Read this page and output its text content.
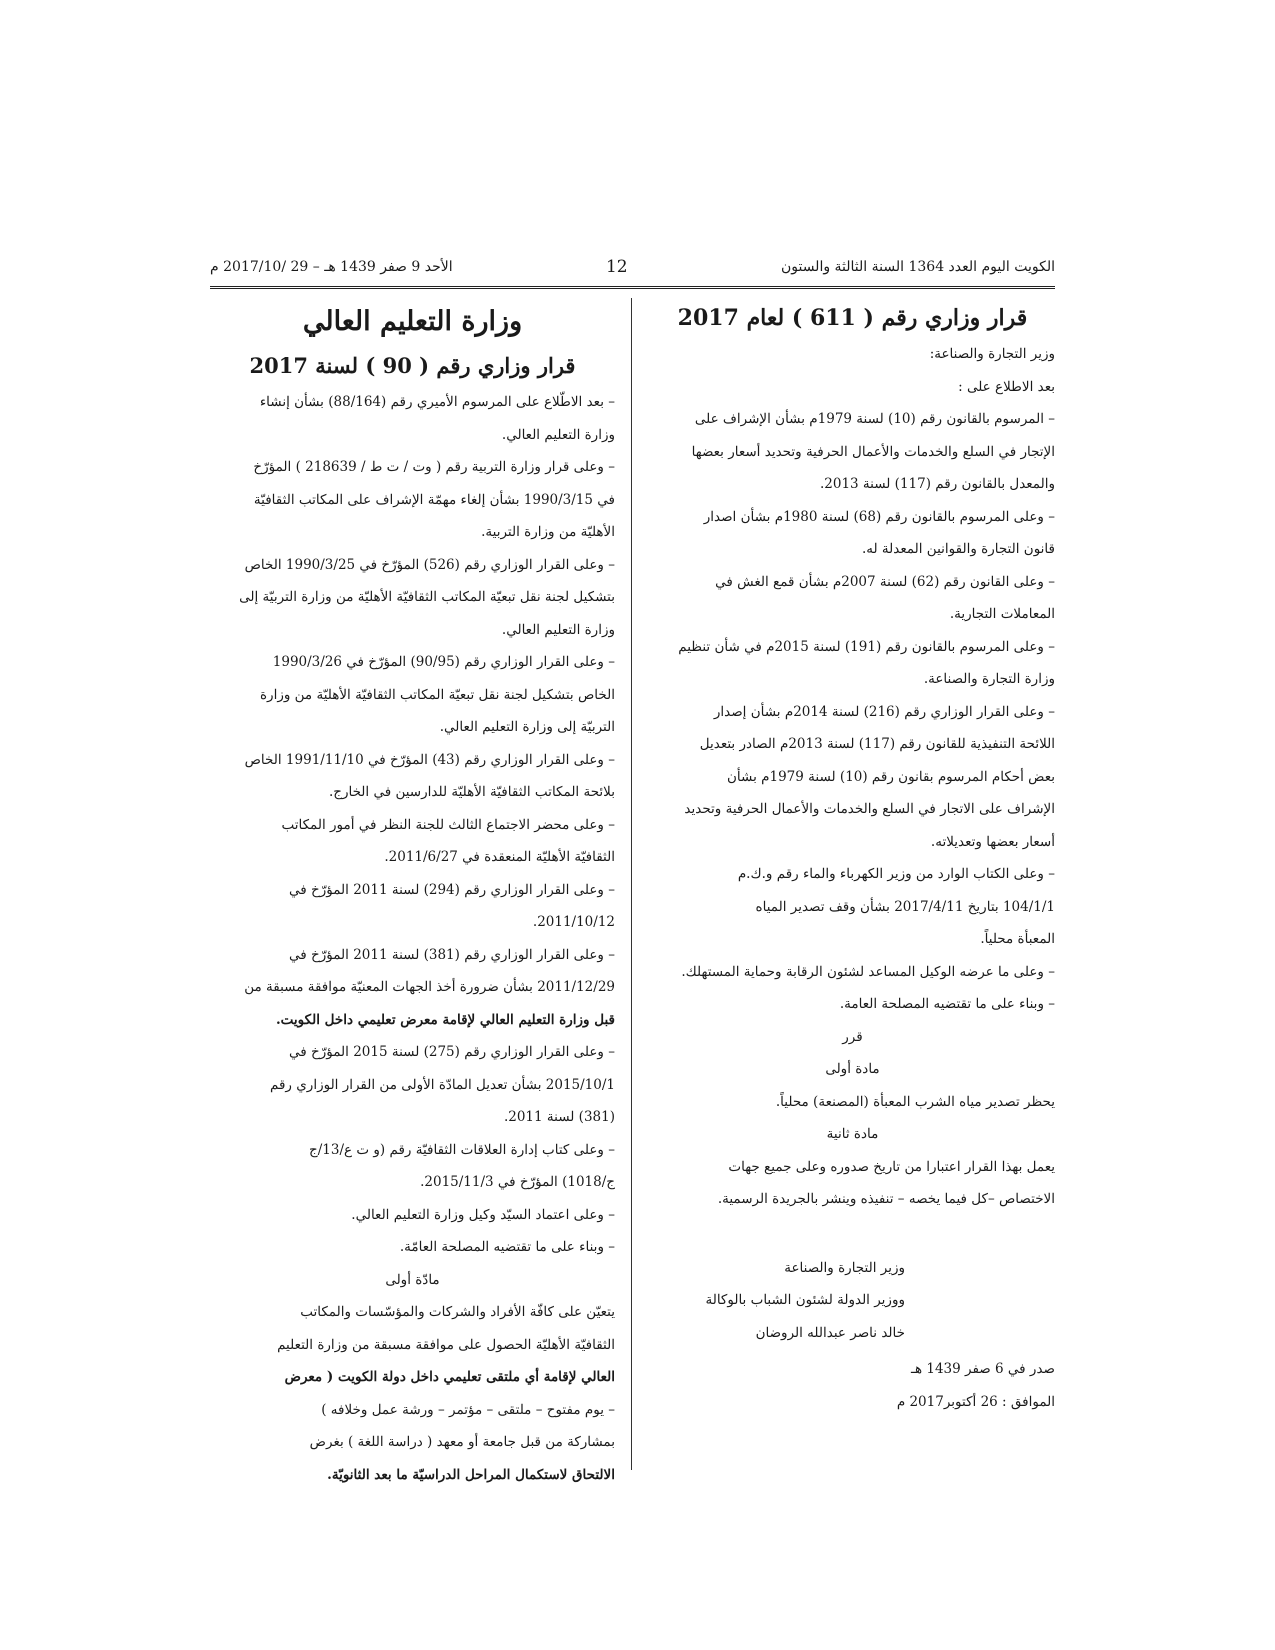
الكويت اليوم العدد 1364 السنة الثالثة والستون
12
الأحد 9 صفر 1439 هـ – 29 /2017/10 م

قرار وزاري رقم ( 611 ) لعام 2017

وزير التجارة والصناعة:
بعد الاطلاع على :
– المرسوم بالقانون رقم (10) لسنة 1979م بشأن الإشراف على
الإتجار في السلع والخدمات والأعمال الحرفية وتحديد أسعار بعضها
والمعدل بالقانون رقم (117) لسنة 2013.
– وعلى المرسوم بالقانون رقم (68) لسنة 1980م بشأن اصدار
قانون التجارة والقوانين المعدلة له.
– وعلى القانون رقم (62) لسنة 2007م بشأن قمع الغش في
المعاملات التجارية.
– وعلى المرسوم بالقانون رقم (191) لسنة 2015م في شأن تنظيم
وزارة التجارة والصناعة.
– وعلى القرار الوزاري رقم (216) لسنة 2014م بشأن إصدار
اللائحة التنفيذية للقانون رقم (117) لسنة 2013م الصادر بتعديل
بعض أحكام المرسوم بقانون رقم (10) لسنة 1979م بشأن
الإشراف على الاتجار في السلع والخدمات والأعمال الحرفية وتحديد
أسعار بعضها وتعديلاته.
– وعلى الكتاب الوارد من وزير الكهرباء والماء رقم و.ك.م
104/1/1 بتاريخ 2017/4/11 بشأن وقف تصدير المياه
المعبأة محلياً.
– وعلى ما عرضه الوكيل المساعد لشئون الرقابة وحماية المستهلك.
– وبناء على ما تقتضيه المصلحة العامة.

قرر

مادة أولى

يحظر تصدير مياه الشرب المعبأة (المصنعة) محلياً.

مادة ثانية

يعمل بهذا القرار اعتبارا من تاريخ صدوره وعلى جميع جهات
الاختصاص –كل فيما يخصه – تنفيذه وينشر بالجريدة الرسمية.

وزير التجارة والصناعة
ووزير الدولة لشئون الشباب بالوكالة
خالد ناصر عبدالله الروضان

صدر في 6 صفر 1439 هـ
الموافق : 26 أكتوبر2017 م

وزارة التعليم العالي

قرار وزاري رقم ( 90 ) لسنة 2017

– بعد الاطّلاع على المرسوم الأميري رقم (88/164) بشأن إنشاء
وزارة التعليم العالي.
– وعلى قرار وزارة التربية رقم ( وت / ت ط / 218639 ) المؤرّخ
في 1990/3/15 بشأن إلغاء مهمّة الإشراف على المكاتب الثقافيّة
الأهليّة من وزارة التربية.
– وعلى القرار الوزاري رقم (526) المؤرّخ في 1990/3/25 الخاص
بتشكيل لجنة نقل تبعيّة المكاتب الثقافيّة الأهليّة من وزارة التربيّة إلى
وزارة التعليم العالي.
– وعلى القرار الوزاري رقم (90/95) المؤرّخ في 1990/3/26
الخاص بتشكيل لجنة نقل تبعيّة المكاتب الثقافيّة الأهليّة من وزارة
التربيّة إلى وزارة التعليم العالي.
– وعلى القرار الوزاري رقم (43) المؤرّخ في 1991/11/10 الخاص
بلائحة المكاتب الثقافيّة الأهليّة للدارسين في الخارج.
– وعلى محضر الاجتماع الثالث للجنة النظر في أمور المكاتب
الثقافيّة الأهليّة المنعقدة في 2011/6/27.
– وعلى القرار الوزاري رقم (294) لسنة 2011 المؤرّخ في
2011/10/12.
– وعلى القرار الوزاري رقم (381) لسنة 2011 المؤرّخ في
2011/12/29 بشأن ضرورة أخذ الجهات المعنيّة موافقة مسبقة من
قبل وزارة التعليم العالي لإقامة معرض تعليمي داخل الكويت.
– وعلى القرار الوزاري رقم (275) لسنة 2015 المؤرّخ في
2015/10/1 بشأن تعديل المادّة الأولى من القرار الوزاري رقم
(381) لسنة 2011.
– وعلى كتاب إدارة العلاقات الثقافيّة رقم (و ت ع/13/ج
ج/1018) المؤرّخ في 2015/11/3.
– وعلى اعتماد السيّد وكيل وزارة التعليم العالي.
– وبناء على ما تقتضيه المصلحة العامّة.

مادّة أولى

يتعيّن على كافّة الأفراد والشركات والمؤسّسات والمكاتب
الثقافيّة الأهليّة الحصول على موافقة مسبقة من وزارة التعليم
العالي لإقامة أي ملتقى تعليمي داخل دولة الكويت ( معرض
– يوم مفتوح – ملتقى – مؤتمر – ورشة عمل وخلافه )
بمشاركة من قبل جامعة أو معهد ( دراسة اللغة ) بغرض
الالتحاق لاستكمال المراحل الدراسيّة ما بعد الثانويّة.
